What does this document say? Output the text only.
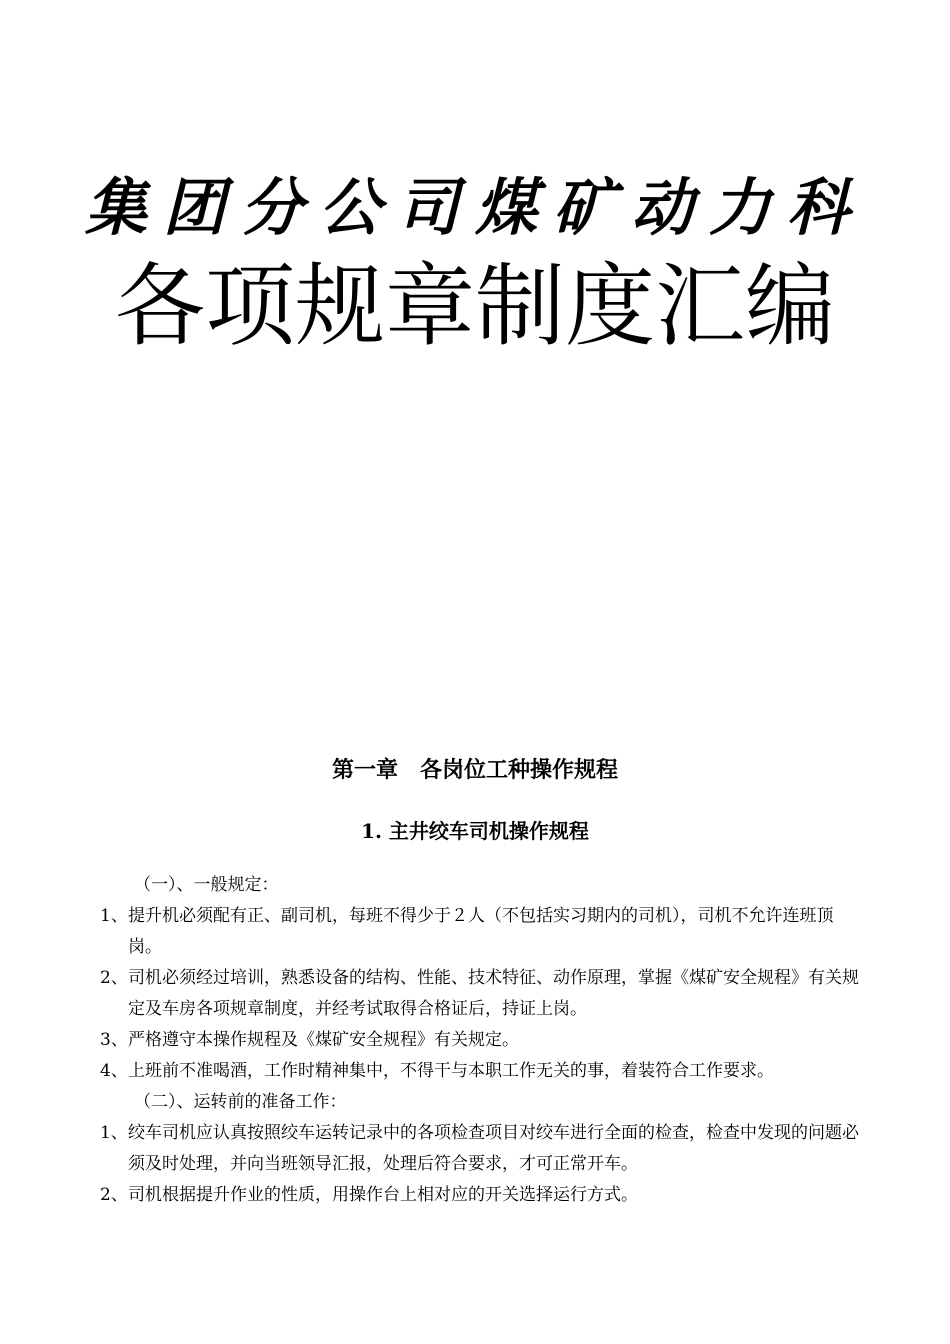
集团分公司煤矿动力科
各项规章制度汇编
第一章　各岗位工种操作规程
1. 主井绞车司机操作规程

（一）、一般规定：

1、 提升机必须配有正、副司机，每班不得少于２人（不包括实习期内的司机），司机不允许连班顶岗。

2、 司机必须经过培训，熟悉设备的结构、性能、技术特征、动作原理，掌握《煤矿安全规程》有关规定及车房各项规章制度，并经考试取得合格证后，持证上岗。

3、 严格遵守本操作规程及《煤矿安全规程》有关规定。

4、 上班前不准喝酒，工作时精神集中，不得干与本职工作无关的事，着装符合工作要求。

（二）、运转前的准备工作：

1、 绞车司机应认真按照绞车运转记录中的各项检查项目对绞车进行全面的检查，检查中发现的问题必须及时处理，并向当班领导汇报，处理后符合要求，才可正常开车。

2、 司机根据提升作业的性质，用操作台上相对应的开关选择运行方式。
